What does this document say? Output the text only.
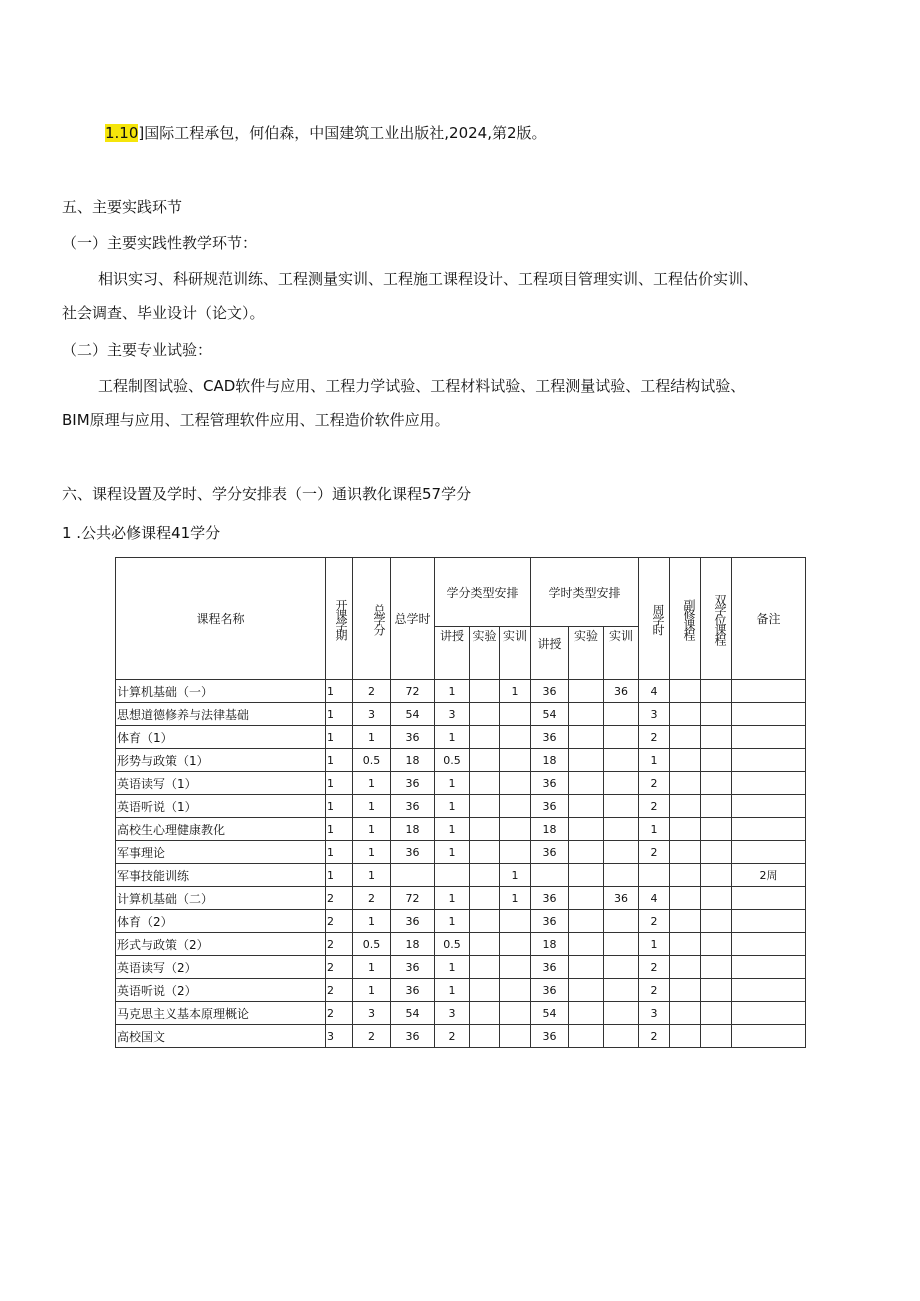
1.10]国际工程承包，何伯森，中国建筑工业出版社,2024,第2版。
五、主要实践环节
（一）主要实践性教学环节：
相识实习、科研规范训练、工程测量实训、工程施工课程设计、工程项目管理实训、工程估价实训、
社会调查、毕业设计（论文）。
（二）主要专业试验：
工程制图试验、CAD软件与应用、工程力学试验、工程材料试验、工程测量试验、工程结构试验、
BIM原理与应用、工程管理软件应用、工程造价软件应用。
六、课程设置及学时、学分安排表（一）通识教化课程57学分
1 .公共必修课程41学分
课程名称	开课学期	总学分	总学时	学分类型安排			学时类型安排			周学时	副修课程	双学位课程	备注
				讲授	实验	实训	讲授	实验	实训				
计算机基础（一）	1	2	72	1		1	36		36	4			
思想道德修养与法律基础	1	3	54	3			54			3			
体育（1）	1	1	36	1			36			2			
形势与政策（1）	1	0.5	18	0.5			18			1			
英语读写（1）	1	1	36	1			36			2			
英语听说（1）	1	1	36	1			36			2			
高校生心理健康教化	1	1	18	1			18			1			
军事理论	1	1	36	1			36			2			
军事技能训练	1	1				1							2周
计算机基础（二）	2	2	72	1		1	36		36	4			
体育（2）	2	1	36	1			36			2			
形式与政策（2）	2	0.5	18	0.5			18			1			
英语读写（2）	2	1	36	1			36			2			
英语听说（2）	2	1	36	1			36			2			
马克思主义基本原理概论	2	3	54	3			54			3			
高校国文	3	2	36	2			36			2			
